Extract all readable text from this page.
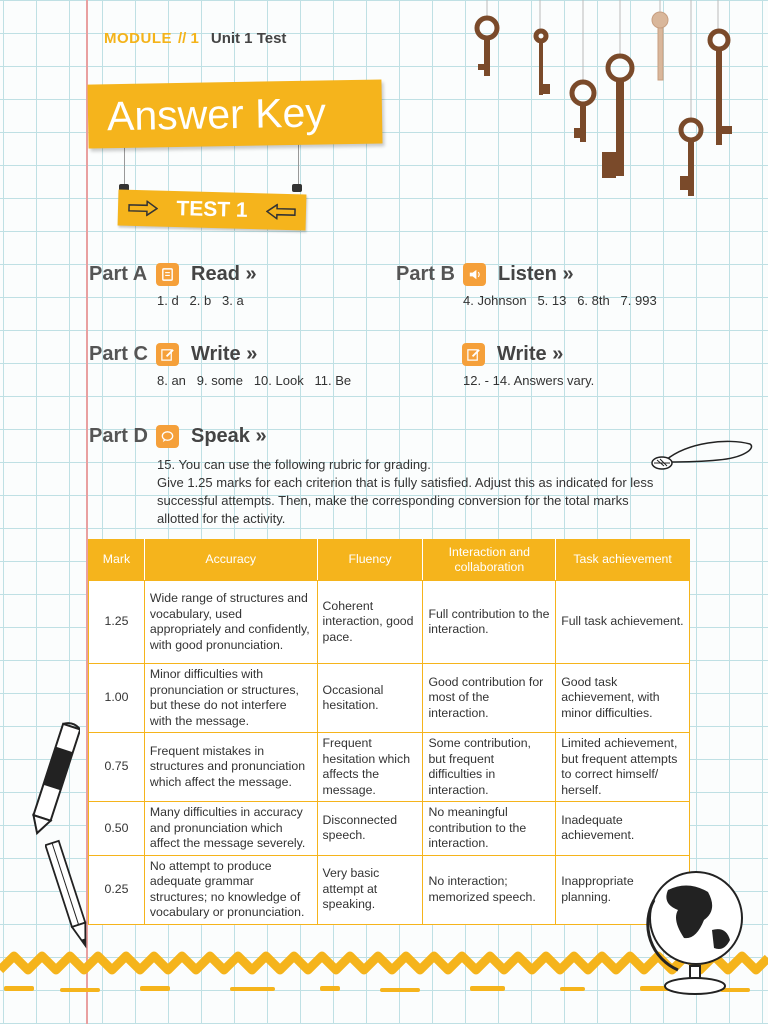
MODULE // 1 Unit 1 Test
Answer Key
TEST 1
Part A	Read »
1. d   2. b   3. a
Part B	Listen »
4. Johnson   5. 13   6. 8th   7. 993
Part C	Write »
8. an   9. some   10. Look   11. Be
Write »
12. - 14. Answers vary.
Part D	Speak »

15. You can use the following rubric for grading.

Give 1.25 marks for each criterion that is fully satisfied. Adjust this as indicated for less successful attempts. Then, make the corresponding conversion for the total marks allotted for the activity.

Mark	Accuracy	Fluency	Interaction and collaboration	Task achievement
1.25	Wide range of structures and vocabulary, used appropriately and confidently, with good pronunciation.	Coherent interaction, good pace.	Full contribution to the interaction.	Full task achievement.
1.00	Minor difficulties with pronunciation or structures, but these do not interfere with the message.	Occasional hesitation.	Good contribution for most of the interaction.	Good task achievement, with minor difficulties.
0.75	Frequent mistakes in structures and pronunciation which affect the message.	Frequent hesitation which affects the message.	Some contribution, but frequent difficulties in interaction.	Limited achievement, but frequent attempts to correct himself/ herself.
0.50	Many difficulties in accuracy and pronunciation which affect the message severely.	Disconnected speech.	No meaningful contribution to the interaction.	Inadequate achievement.
0.25	No attempt to produce adequate grammar structures; no knowledge of vocabulary or pronunciation.	Very basic attempt at speaking.	No interaction; memorized speech.	Inappropriate planning.
